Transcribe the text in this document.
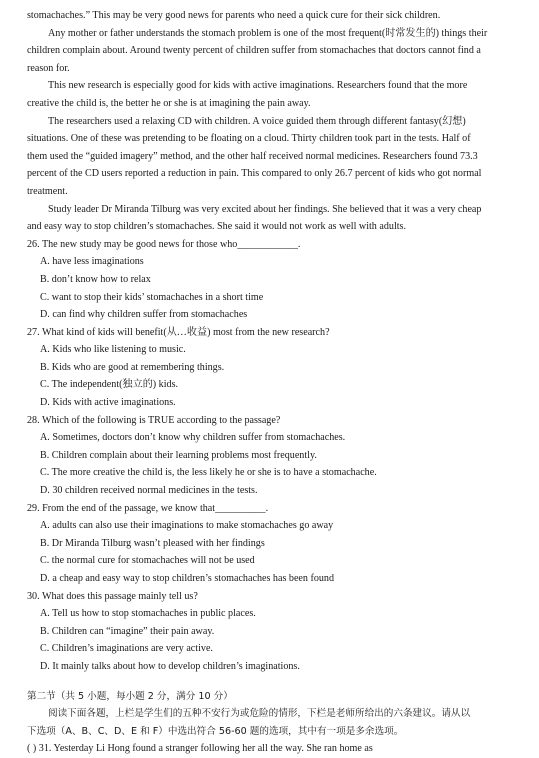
stomachaches.” This may be very good news for parents who need a quick cure for their sick children.
Any mother or father understands the stomach problem is one of the most frequent(时常发生的) things their
children complain about. Around twenty percent of children suffer from stomachaches that doctors cannot find a
reason for.
This new research is especially good for kids with active imaginations. Researchers found that the more
creative the child is, the better he or she is at imagining the pain away.
The researchers used a relaxing CD with children. A voice guided them through different fantasy(幻想)
situations. One of these was pretending to be floating on a cloud. Thirty children took part in the tests. Half of
them used the “guided imagery” method, and the other half received normal medicines. Researchers found 73.3
percent of the CD users reported a reduction in pain. This compared to only 26.7 percent of kids who got normal
treatment.
Study leader Dr Miranda Tilburg was very excited about her findings. She believed that it was a very cheap
and easy way to stop children’s stomachaches. She said it would not work as well with adults.
26. The new study may be good news for those who____________.
A. have less imaginations
B. don’t know how to relax
C. want to stop their kids’ stomachaches in a short time
D. can find why children suffer from stomachaches
27. What kind of kids will benefit(从…收益) most from the new research?
A. Kids who like listening to music.
B. Kids who are good at remembering things.
C. The independent(独立的) kids.
D. Kids with active imaginations.
28. Which of the following is TRUE according to the passage?
A. Sometimes, doctors don’t know why children suffer from stomachaches.
B. Children complain about their learning problems most frequently.
C. The more creative the child is, the less likely he or she is to have a stomachache.
D. 30 children received normal medicines in the tests.
29. From the end of the passage, we know that__________.
A. adults can also use their imaginations to make stomachaches go away
B. Dr Miranda Tilburg wasn’t pleased with her findings
C. the normal cure for stomachaches will not be used
D. a cheap and easy way to stop children’s stomachaches has been found
30. What does this passage mainly tell us?
A. Tell us how to stop stomachaches in public places.
B. Children can “imagine” their pain away.
C. Children’s imaginations are very active.
D. It mainly talks about how to develop children’s imaginations.
第二节（共 5 小题，每小题 2 分，满分 10 分）
阅读下面各题，上栏是学生们的五种不安行为或危险的情形，下栏是老师所给出的六条建议。请从以
下选项（A、B、C、D、E 和 F）中选出符合 56-60 题的选项，其中有一项是多余选项。
( ) 31. Yesterday Li Hong found a stranger following her all the way. She ran home as
